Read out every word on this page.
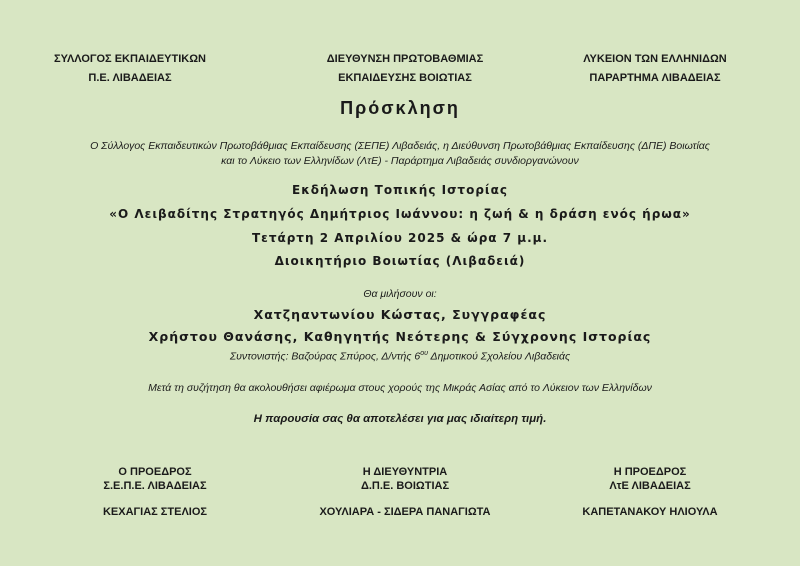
ΣΥΛΛΟΓΟΣ ΕΚΠΑΙΔΕΥΤΙΚΩΝ
Π.Ε. ΛΙΒΑΔΕΙΑΣ
ΔΙΕΥΘΥΝΣΗ ΠΡΩΤΟΒΑΘΜΙΑΣ
ΕΚΠΑΙΔΕΥΣΗΣ ΒΟΙΩΤΙΑΣ
ΛΥΚΕΙΟΝ ΤΩΝ ΕΛΛΗΝΙΔΩΝ
ΠΑΡΑΡΤΗΜΑ ΛΙΒΑΔΕΙΑΣ
Πρόσκληση
Ο Σύλλογος Εκπαιδευτικών Πρωτοβάθμιας Εκπαίδευσης (ΣΕΠΕ) Λιβαδειάς, η Διεύθυνση Πρωτοβάθμιας Εκπαίδευσης (ΔΠΕ) Βοιωτίας
και το Λύκειο των Ελληνίδων (ΛτΕ) - Παράρτημα Λιβαδειάς συνδιοργανώνουν
Εκδήλωση Τοπικής Ιστορίας
«Ο Λειβαδίτης Στρατηγός Δημήτριος Ιωάννου: η ζωή & η δράση ενός ήρωα»
Τετάρτη 2 Απριλίου 2025 & ώρα 7 μ.μ.
Διοικητήριο Βοιωτίας (Λιβαδειά)
Θα μιλήσουν οι:
Χατζηαντωνίου Κώστας, Συγγραφέας
Χρήστου Θανάσης, Καθηγητής Νεότερης & Σύγχρονης Ιστορίας
Συντονιστής: Βαζούρας Σπύρος, Δ/ντής $6^{o\upsilon}$ Δημοτικού Σχολείου Λιβαδειάς
Μετά τη συζήτηση θα ακολουθήσει αφιέρωμα στους χορούς της Μικράς Ασίας από το Λύκειον των Ελληνίδων
Η παρουσία σας θα αποτελέσει για μας ιδιαίτερη τιμή.
Ο ΠΡΟΕΔΡΟΣ
Σ.Ε.Π.Ε. ΛΙΒΑΔΕΙΑΣ
ΚΕΧΑΓΙΑΣ ΣΤΕΛΙΟΣ
Η ΔΙΕΥΘΥΝΤΡΙΑ
Δ.Π.Ε. ΒΟΙΩΤΙΑΣ
ΧΟΥΛΙΑΡΑ - ΣΙΔΕΡΑ ΠΑΝΑΓΙΩΤΑ
Η ΠΡΟΕΔΡΟΣ
ΛτΕ ΛΙΒΑΔΕΙΑΣ
ΚΑΠΕΤΑΝΑΚΟΥ ΗΛΙΟΥΛΑ
